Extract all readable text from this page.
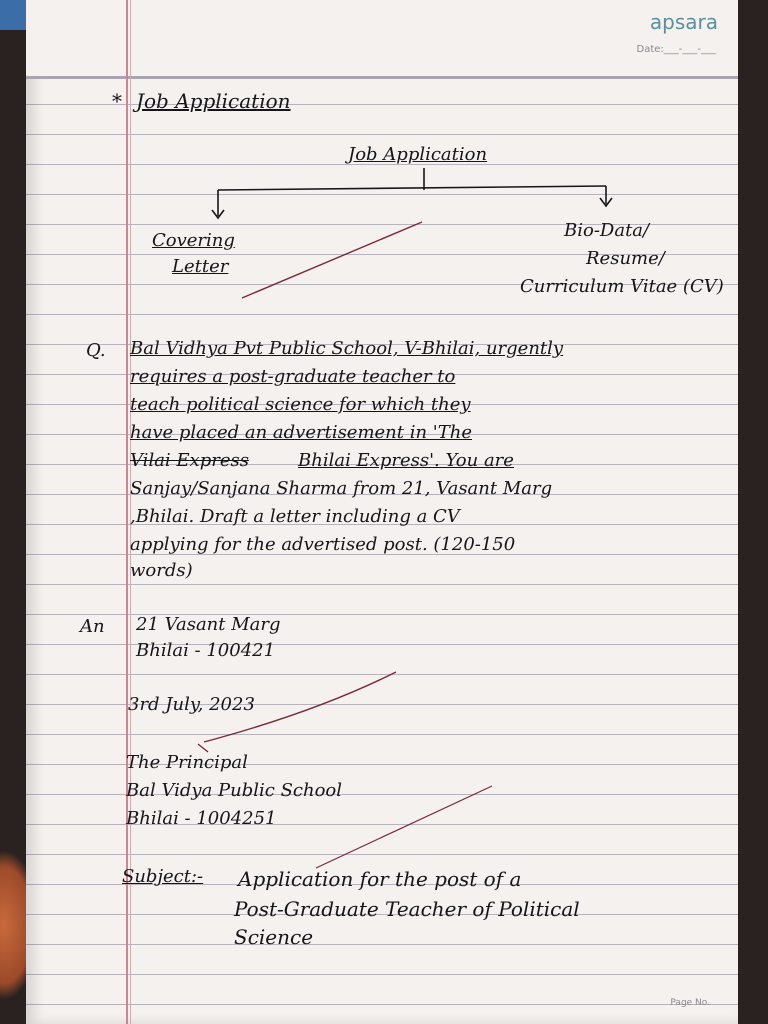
apsara
Date:___-___-___
* Job Application
Job Application
Covering
Letter
Bio-Data/
Resume/
Curriculum Vitae (CV)
Q. Bal Vidhya Pvt Public School, V-Bhilai, urgently
requires a post-graduate teacher to
teach political science for which they
have placed an advertisement in 'The
Vilai Express	Bhilai Express'. You are
Sanjay/Sanjana Sharma from 21, Vasant Marg
,Bhilai. Draft a letter including a CV
applying for the advertised post. (120-150
words)
An 21 Vasant Marg
Bhilai - 100421
3rd July, 2023
The Principal
Bal Vidya Public School
Bhilai - 1004251
Subject:- Application for the post of a
Post-Graduate Teacher of Political
Science
Page No.
